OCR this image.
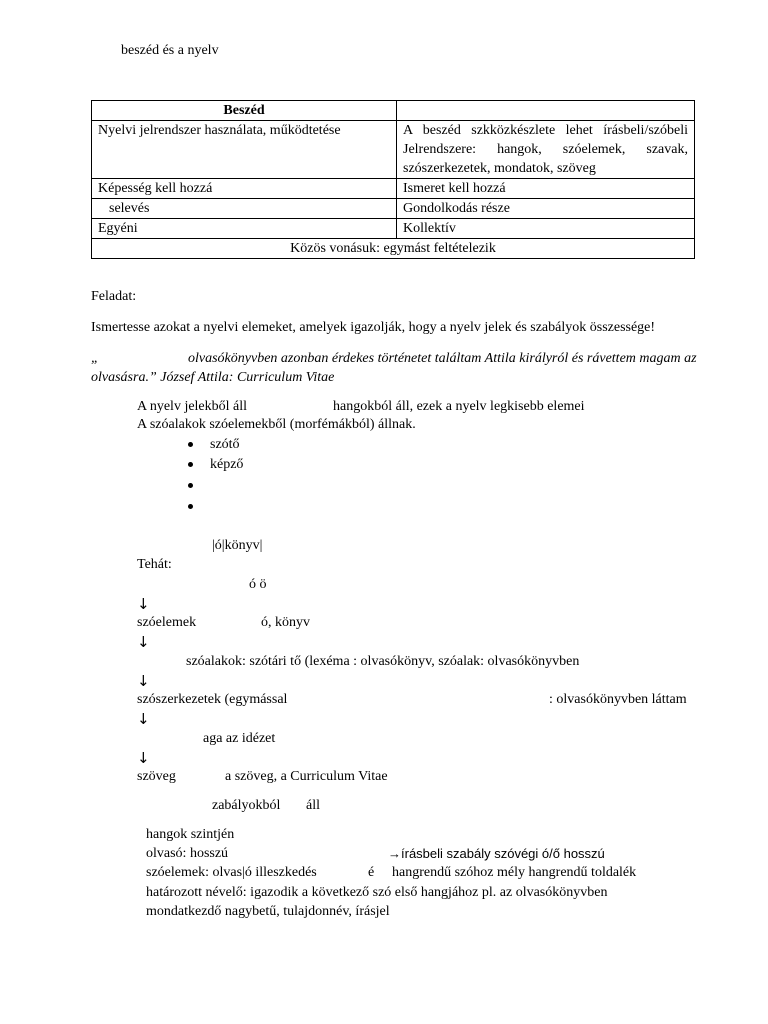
beszéd és a nyelv
Beszéd	
Nyelvi jelrendszer használata, működtetése	A beszéd szkközkészlete lehet írásbeli/szóbeli
Jelrendszere: hangok, szóelemek, szavak,
szószerkezetek, mondatok, szöveg

Képesség kell hozzá	Ismeret kell hozzá
selevés	Gondolkodás része
Egyéni	Kollektív
Közös vonásuk: egymást feltételezik	
Feladat:
Ismertesse azokat a nyelvi elemeket, amelyek igazolják, hogy a nyelv jelek és szabályok összessége!
„	olvasókönyvben azonban érdekes történetet találtam Attila királyról és rávettem magam az
olvasásra.” József Attila: Curriculum Vitae
A nyelv jelekből áll	hangokból áll, ezek a nyelv legkisebb elemei
A szóalakok szóelemekből (morfémákból) állnak.
szótő
képző
|ó|könyv|
Tehát:
ó ö
↓
szóelemek	ó, könyv
↓
szóalakok: szótári tő (lexéma : olvasókönyv, szóalak: olvasókönyvben
↓
szószerkezetek (egymással	: olvasókönyvben láttam
↓
aga az idézet
↓
szöveg	a szöveg, a Curriculum Vitae
zabályokból áll
hangok szintjén
olvasó: hosszú	→írásbeli szabály szóvégi ó/ő hosszú
szóelemek: olvas|ó illeszkedés	é hangrendű szóhoz mély hangrendű toldalék
határozott névelő: igazodik a következő szó első hangjához pl. az olvasókönyvben
mondatkezdő nagybetű, tulajdonnév, írásjel
